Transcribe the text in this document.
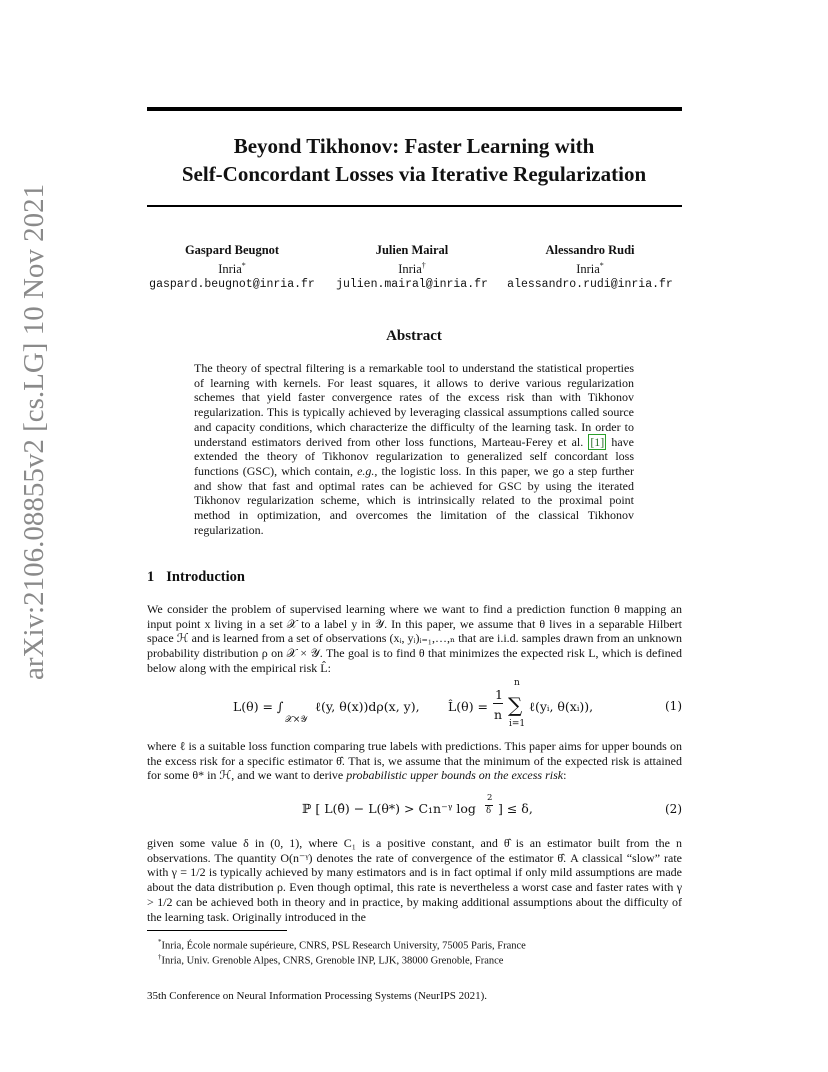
arXiv:2106.08855v2 [cs.LG] 10 Nov 2021
Beyond Tikhonov: Faster Learning with
Self-Concordant Losses via Iterative Regularization
Gaspard Beugnot
Inria*
gaspard.beugnot@inria.fr
Julien Mairal
Inria†
julien.mairal@inria.fr
Alessandro Rudi
Inria*
alessandro.rudi@inria.fr
Abstract
The theory of spectral filtering is a remarkable tool to understand the statistical properties of learning with kernels. For least squares, it allows to derive various regularization schemes that yield faster convergence rates of the excess risk than with Tikhonov regularization. This is typically achieved by leveraging classical assumptions called source and capacity conditions, which characterize the difficulty of the learning task. In order to understand estimators derived from other loss functions, Marteau-Ferey et al. [1] have extended the theory of Tikhonov regularization to generalized self concordant loss functions (GSC), which contain, e.g., the logistic loss. In this paper, we go a step further and show that fast and optimal rates can be achieved for GSC by using the iterated Tikhonov regularization scheme, which is intrinsically related to the proximal point method in optimization, and overcomes the limitation of the classical Tikhonov regularization.
1 Introduction
We consider the problem of supervised learning where we want to find a prediction function θ mapping an input point x living in a set 𝒳 to a label y in 𝒴. In this paper, we assume that θ lives in a separable Hilbert space ℋ and is learned from a set of observations (xᵢ, yᵢ)ᵢ₌₁,…,ₙ that are i.i.d. samples drawn from an unknown probability distribution ρ on 𝒳 × 𝒴. The goal is to find θ that minimizes the expected risk L, which is defined below along with the empirical risk L̂:
L(θ) = ∫
𝒳×𝒴
ℓ(y, θ(x))dρ(x, y), L̂(θ) =
1
n
n
∑
i=1
ℓ(yᵢ, θ(xᵢ)),	(1)
where ℓ is a suitable loss function comparing true labels with predictions. This paper aims for upper bounds on the excess risk for a specific estimator θ̂. That is, we assume that the minimum of the expected risk is attained for some θ* in ℋ, and we want to derive probabilistic upper bounds on the excess risk:
ℙ [ L(θ̂) − L(θ*) > C₁n⁻ᵞ log
2
δ ] ≤ δ,	(2)
given some value δ in (0, 1), where C₁ is a positive constant, and θ̂ is an estimator built from the n observations. The quantity O(n⁻ᵞ) denotes the rate of convergence of the estimator θ̂. A classical “slow” rate with γ = 1/2 is typically achieved by many estimators and is in fact optimal if only mild assumptions are made about the data distribution ρ. Even though optimal, this rate is nevertheless a worst case and faster rates with γ > 1/2 can be achieved both in theory and in practice, by making additional assumptions about the difficulty of the learning task. Originally introduced in the
*Inria, École normale supérieure, CNRS, PSL Research University, 75005 Paris, France
†Inria, Univ. Grenoble Alpes, CNRS, Grenoble INP, LJK, 38000 Grenoble, France
35th Conference on Neural Information Processing Systems (NeurIPS 2021).
